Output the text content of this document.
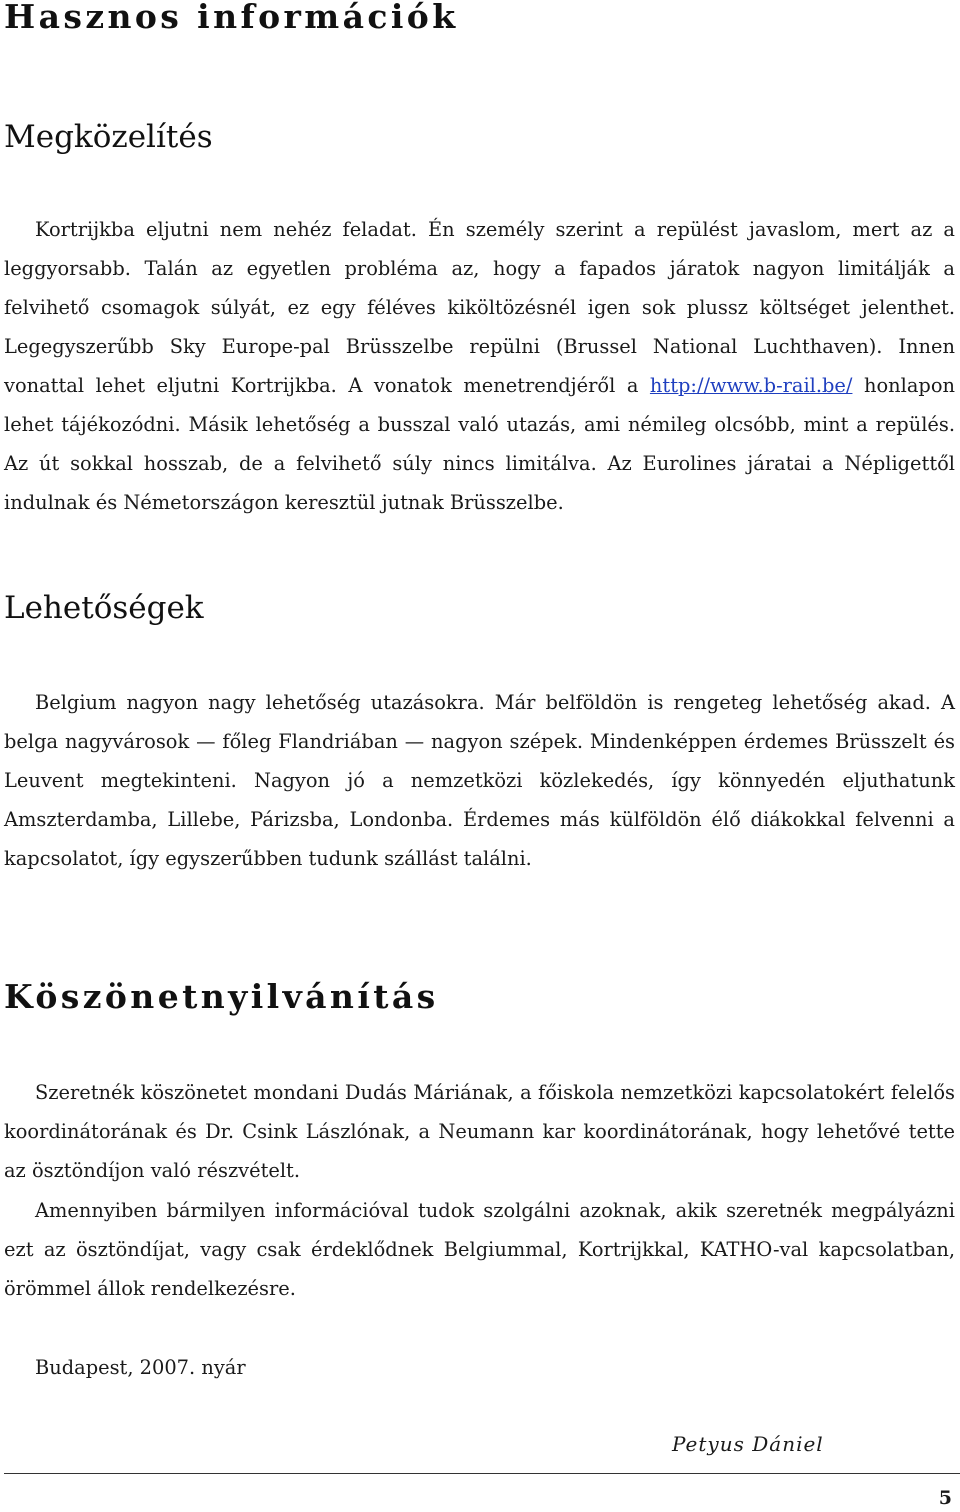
Hasznos információk
Megközelítés

Kortrijkba eljutni nem nehéz feladat. Én személy szerint a repülést javaslom, mert az a leggyorsabb. Talán az egyetlen probléma az, hogy a fapados járatok nagyon limitálják a felvihető csomagok súlyát, ez egy féléves kiköltözésnél igen sok plussz költséget jelenthet. Legegyszerűbb Sky Europe-pal Brüsszelbe repülni (Brussel National Luchthaven). Innen vonattal lehet eljutni Kortrijkba. A vonatok menetrendjéről a http://www.b-rail.be/ honlapon lehet tájékozódni. Másik lehetőség a busszal való utazás, ami némileg olcsóbb, mint a repülés. Az út sokkal hosszab, de a felvihető súly nincs limitálva. Az Eurolines járatai a Népligettől indulnak és Németországon keresztül jutnak Brüsszelbe.

Lehetőségek

Belgium nagyon nagy lehetőség utazásokra. Már belföldön is rengeteg lehetőség akad. A belga nagyvárosok — főleg Flandriában — nagyon szépek. Mindenképpen érdemes Brüsszelt és Leuvent megtekinteni. Nagyon jó a nemzetközi közlekedés, így könnyedén eljuthatunk Amszterdamba, Lillebe, Párizsba, Londonba. Érdemes más külföldön élő diákokkal felvenni a kapcsolatot, így egyszerűbben tudunk szállást találni.

Köszönetnyilvánítás

Szeretnék köszönetet mondani Dudás Máriának, a főiskola nemzetközi kapcsolatokért felelős koordinátorának és Dr. Csink Lászlónak, a Neumann kar koordinátorának, hogy lehetővé tette az ösztöndíjon való részvételt.

Amennyiben bármilyen információval tudok szolgálni azoknak, akik szeretnék megpályázni ezt az ösztöndíjat, vagy csak érdeklődnek Belgiummal, Kortrijkkal, KATHO-val kapcsolatban, örömmel állok rendelkezésre.

Budapest, 2007. nyár

Petyus Dániel

5
